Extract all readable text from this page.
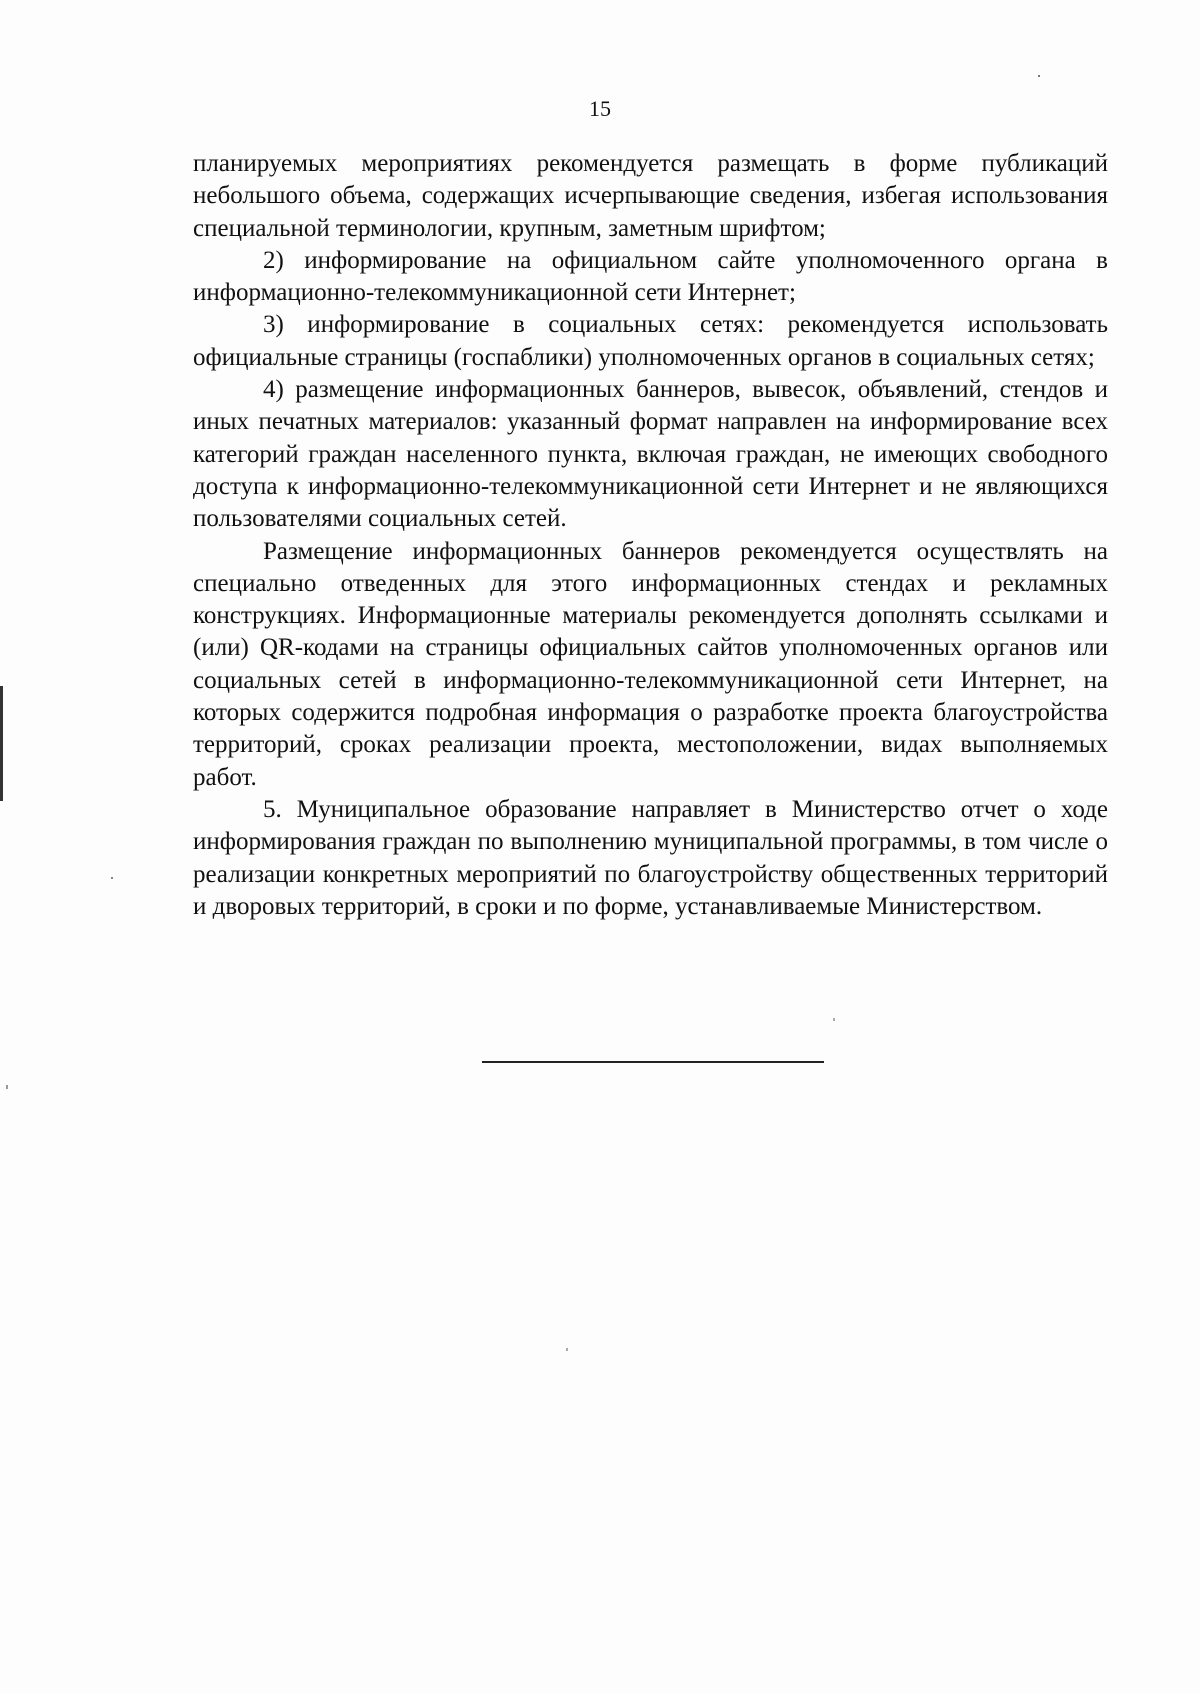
15

планируемых мероприятиях рекомендуется размещать в форме публикаций небольшого объема, содержащих исчерпывающие сведения, избегая использования специальной терминологии, крупным, заметным шрифтом;

2) информирование на официальном сайте уполномоченного органа в информационно-телекоммуникационной сети Интернет;

3) информирование в социальных сетях: рекомендуется использовать официальные страницы (госпаблики) уполномоченных органов в социальных сетях;

4) размещение информационных баннеров, вывесок, объявлений, стендов и иных печатных материалов: указанный формат направлен на информирование всех категорий граждан населенного пункта, включая граждан, не имеющих свободного доступа к информационно-телекоммуникационной сети Интернет и не являющихся пользователями социальных сетей.

Размещение информационных баннеров рекомендуется осуществлять на специально отведенных для этого информационных стендах и рекламных конструкциях. Информационные материалы рекомендуется дополнять ссылками и (или) QR-кодами на страницы официальных сайтов уполномоченных органов или социальных сетей в информационно-телекоммуникационной сети Интернет, на которых содержится подробная информация о разработке проекта благоустройства территорий, сроках реализации проекта, местоположении, видах выполняемых работ.

5. Муниципальное образование направляет в Министерство отчет о ходе информирования граждан по выполнению муниципальной программы, в том числе о реализации конкретных мероприятий по благоустройству общественных территорий и дворовых территорий, в сроки и по форме, устанавливаемые Министерством.
